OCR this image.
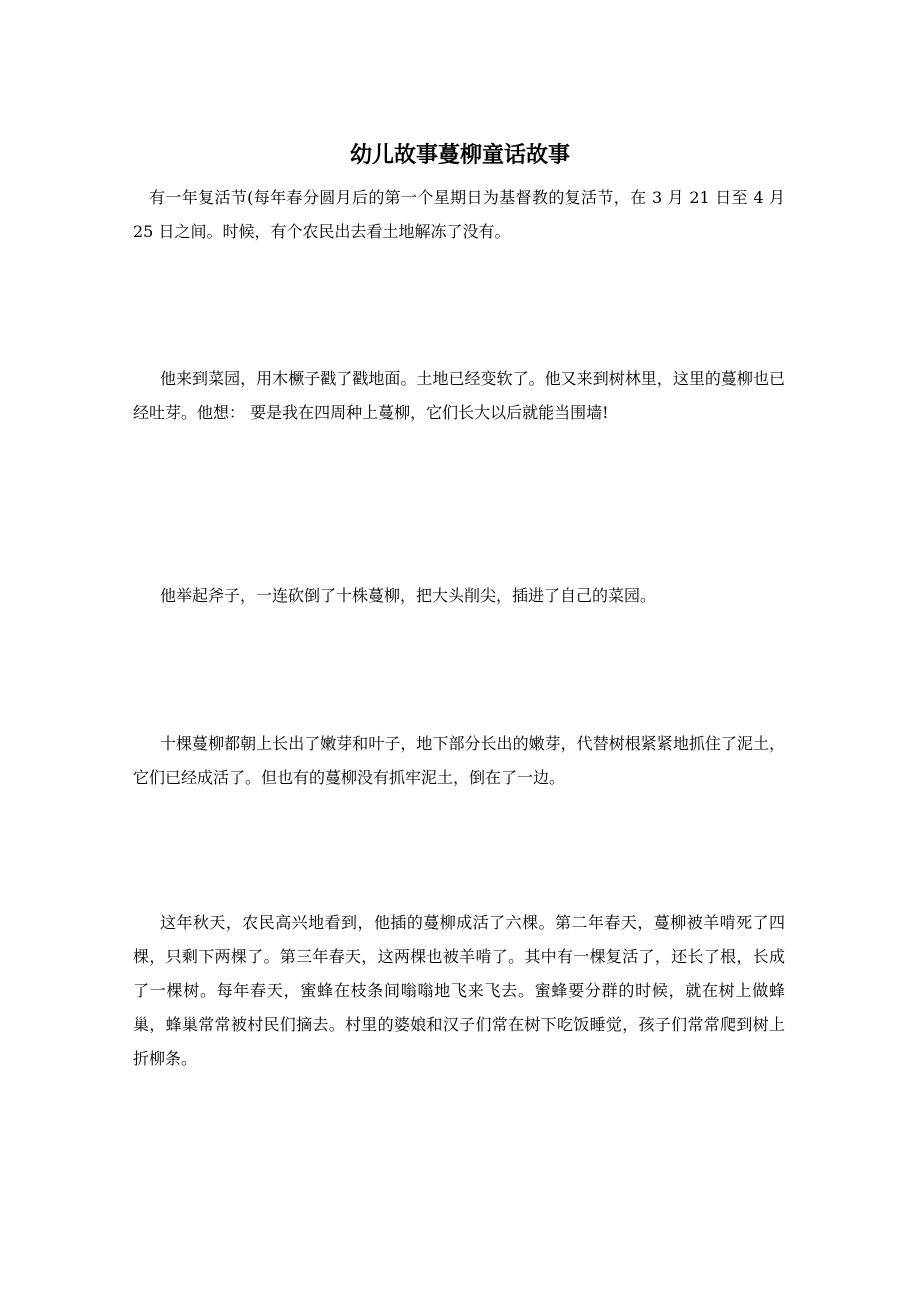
幼儿故事蔓柳童话故事

有一年复活节(每年春分圆月后的第一个星期日为基督教的复活节，在 3 月 21 日至 4 月 25 日之间。时候，有个农民出去看土地解冻了没有。

他来到菜园，用木橛子戳了戳地面。土地已经变软了。他又来到树林里，这里的蔓柳也已经吐芽。他想： 要是我在四周种上蔓柳，它们长大以后就能当围墙!

他举起斧子，一连砍倒了十株蔓柳，把大头削尖，插进了自己的菜园。

十棵蔓柳都朝上长出了嫩芽和叶子，地下部分长出的嫩芽，代替树根紧紧地抓住了泥土，它们已经成活了。但也有的蔓柳没有抓牢泥土，倒在了一边。

这年秋天，农民高兴地看到，他插的蔓柳成活了六棵。第二年春天，蔓柳被羊啃死了四棵，只剩下两棵了。第三年春天，这两棵也被羊啃了。其中有一棵复活了，还长了根，长成了一棵树。每年春天，蜜蜂在枝条间嗡嗡地飞来飞去。蜜蜂要分群的时候，就在树上做蜂巢，蜂巢常常被村民们摘去。村里的婆娘和汉子们常在树下吃饭睡觉，孩子们常常爬到树上折柳条。
